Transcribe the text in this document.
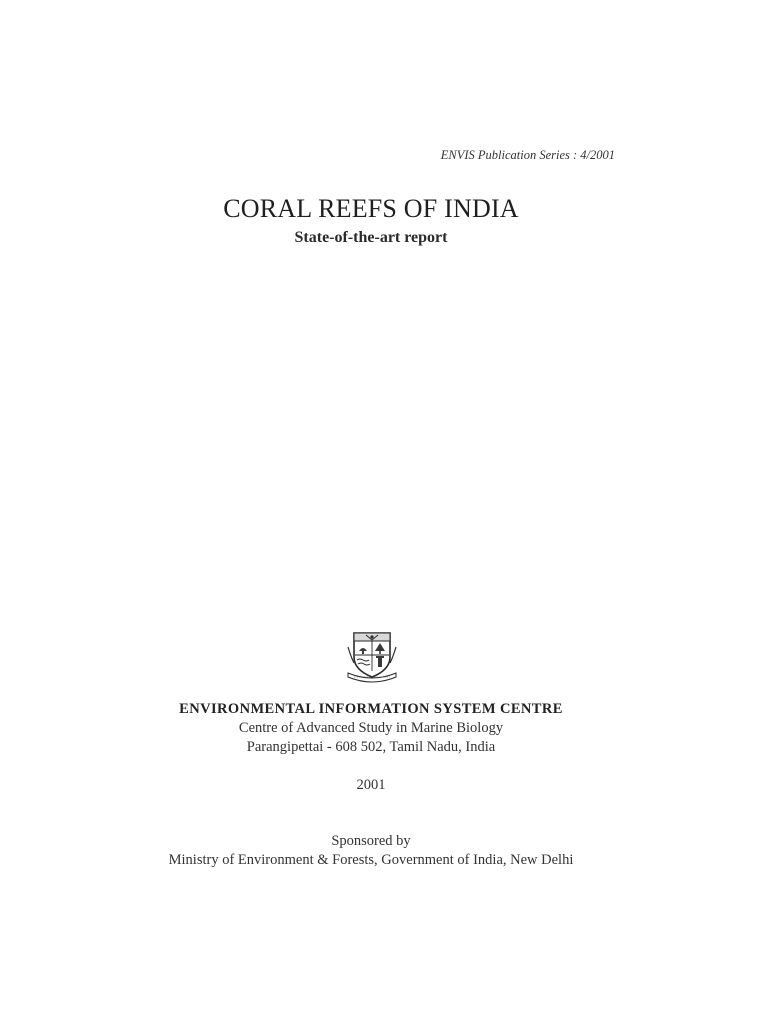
ENVIS Publication Series : 4/2001
CORAL REEFS OF INDIA
State-of-the-art report
ENVIRONMENTAL INFORMATION SYSTEM CENTRE
Centre of Advanced Study in Marine Biology
Parangipettai - 608 502, Tamil Nadu, India
2001
Sponsored by
Ministry of Environment & Forests, Government of India, New Delhi
